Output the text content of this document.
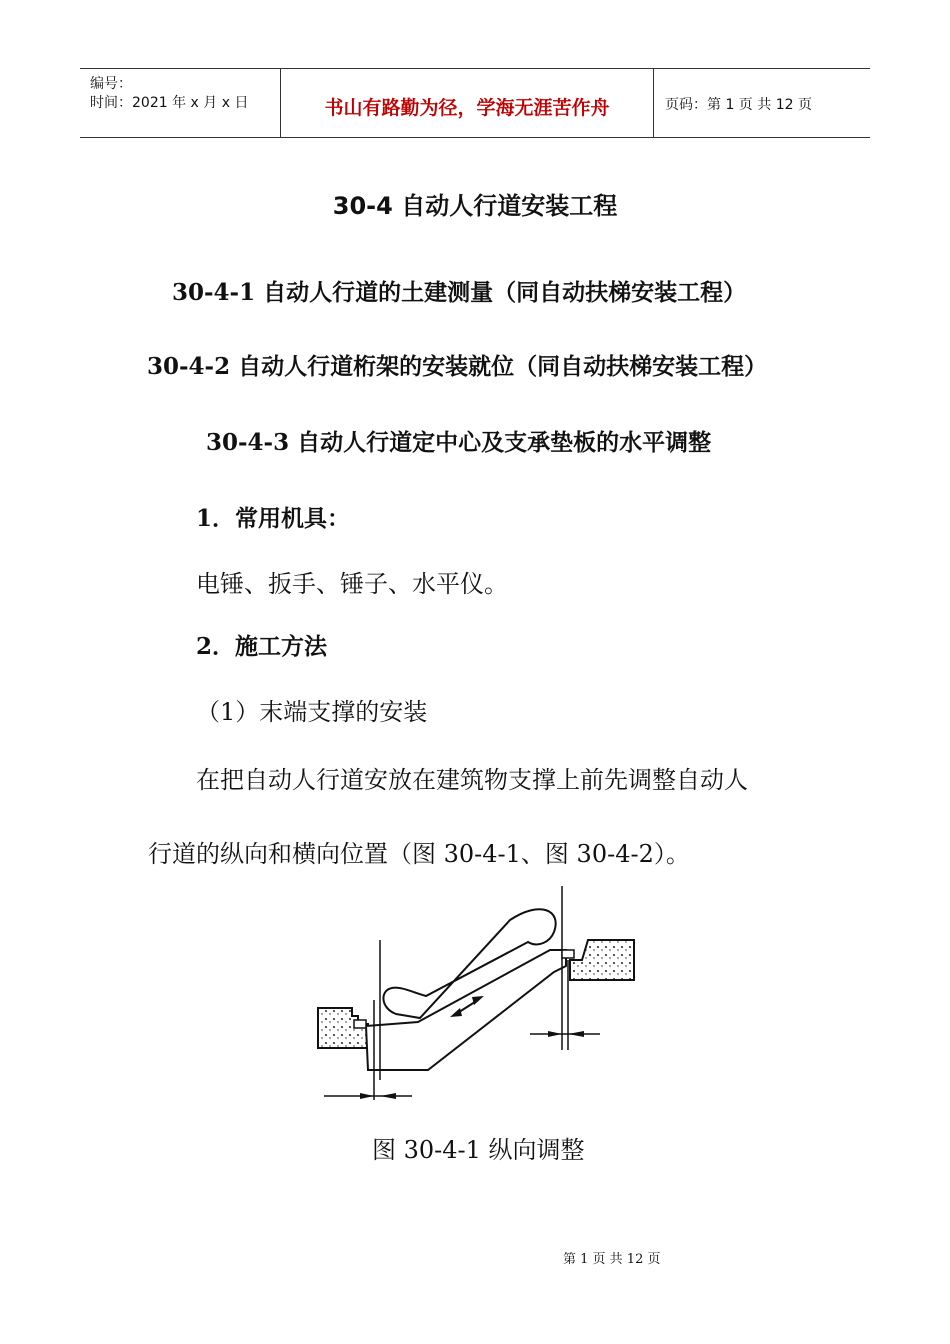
编号：
时间：2021 年 x 月 x 日	书山有路勤为径，学海无涯苦作舟	页码：第 1 页 共 12 页
30-4 自动人行道安装工程
30-4-1 自动人行道的土建测量（同自动扶梯安装工程）
30-4-2 自动人行道桁架的安装就位（同自动扶梯安装工程）
30-4-3 自动人行道定中心及支承垫板的水平调整
1．常用机具：
电锤、扳手、锤子、水平仪。
2．施工方法
（1）末端支撑的安装
在把自动人行道安放在建筑物支撑上前先调整自动人
行道的纵向和横向位置（图 30-4-1、图 30-4-2）。
图 30-4-1 纵向调整
第 1 页 共 12 页
